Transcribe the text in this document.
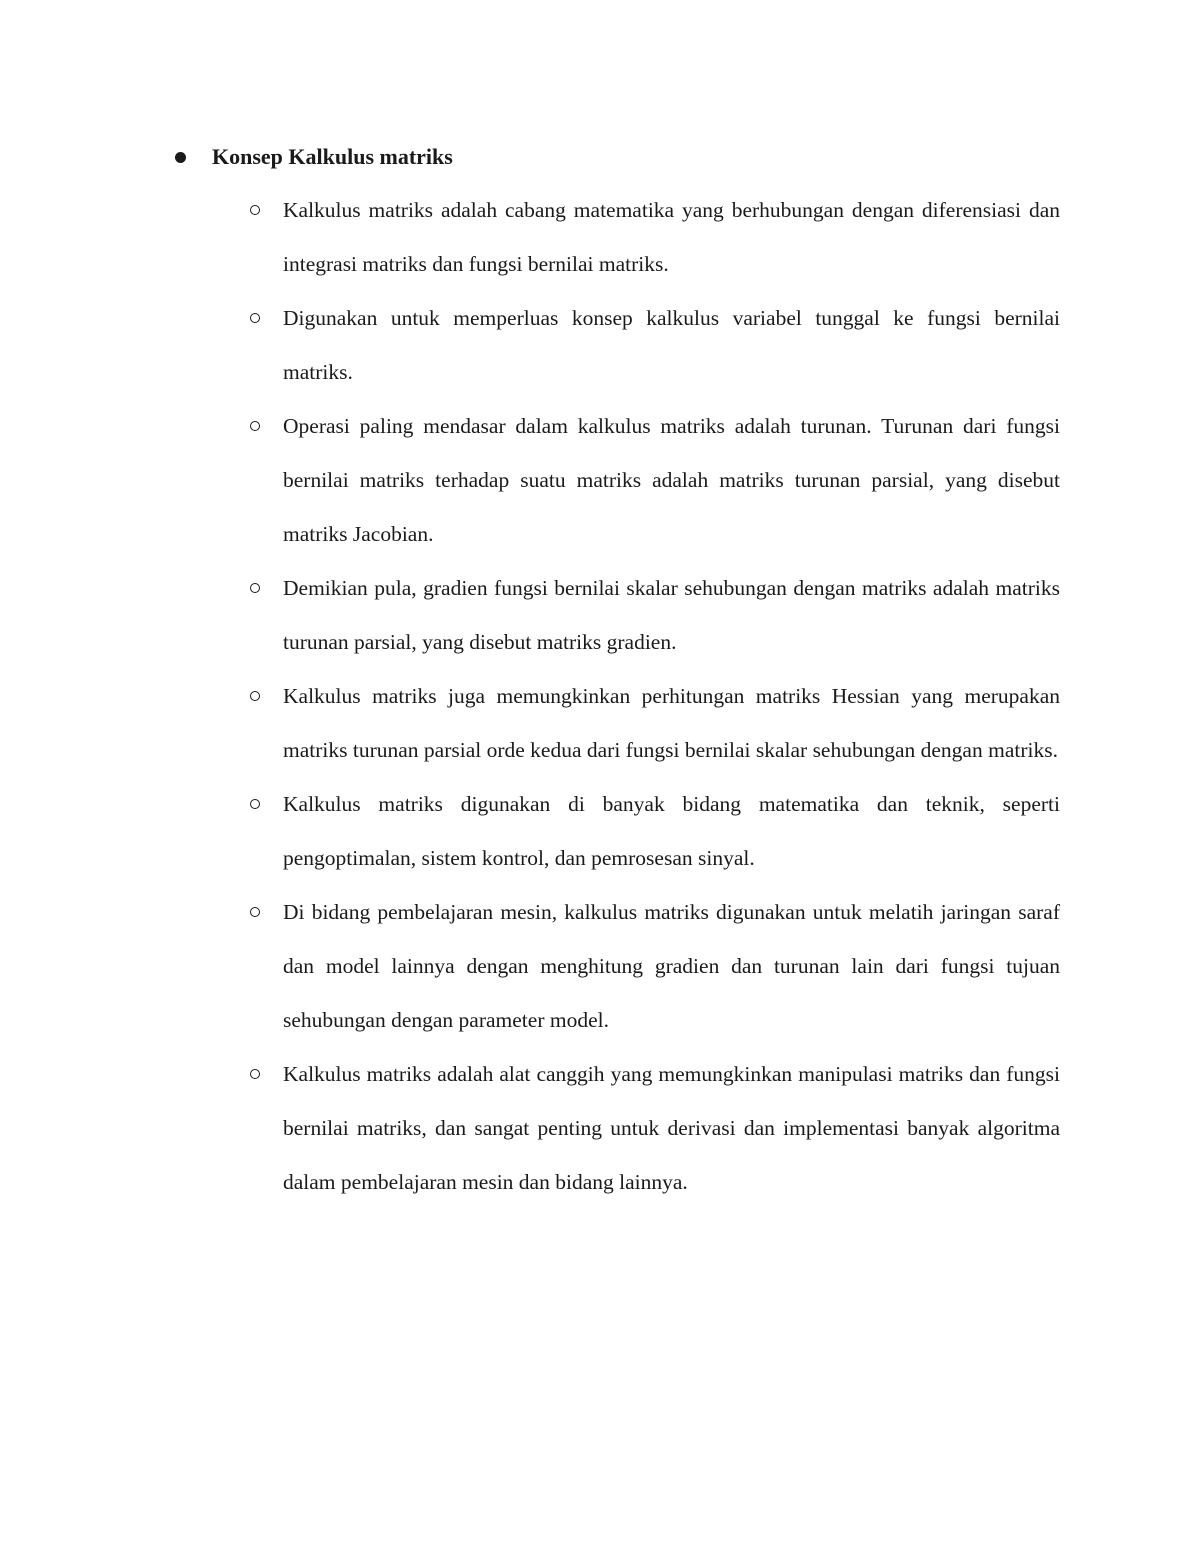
Konsep Kalkulus matriks
Kalkulus matriks adalah cabang matematika yang berhubungan dengan diferensiasi dan integrasi matriks dan fungsi bernilai matriks.
Digunakan untuk memperluas konsep kalkulus variabel tunggal ke fungsi bernilai matriks.
Operasi paling mendasar dalam kalkulus matriks adalah turunan. Turunan dari fungsi bernilai matriks terhadap suatu matriks adalah matriks turunan parsial, yang disebut matriks Jacobian.
Demikian pula, gradien fungsi bernilai skalar sehubungan dengan matriks adalah matriks turunan parsial, yang disebut matriks gradien.
Kalkulus matriks juga memungkinkan perhitungan matriks Hessian yang merupakan matriks turunan parsial orde kedua dari fungsi bernilai skalar sehubungan dengan matriks.
Kalkulus matriks digunakan di banyak bidang matematika dan teknik, seperti pengoptimalan, sistem kontrol, dan pemrosesan sinyal.
Di bidang pembelajaran mesin, kalkulus matriks digunakan untuk melatih jaringan saraf dan model lainnya dengan menghitung gradien dan turunan lain dari fungsi tujuan sehubungan dengan parameter model.
Kalkulus matriks adalah alat canggih yang memungkinkan manipulasi matriks dan fungsi bernilai matriks, dan sangat penting untuk derivasi dan implementasi banyak algoritma dalam pembelajaran mesin dan bidang lainnya.
